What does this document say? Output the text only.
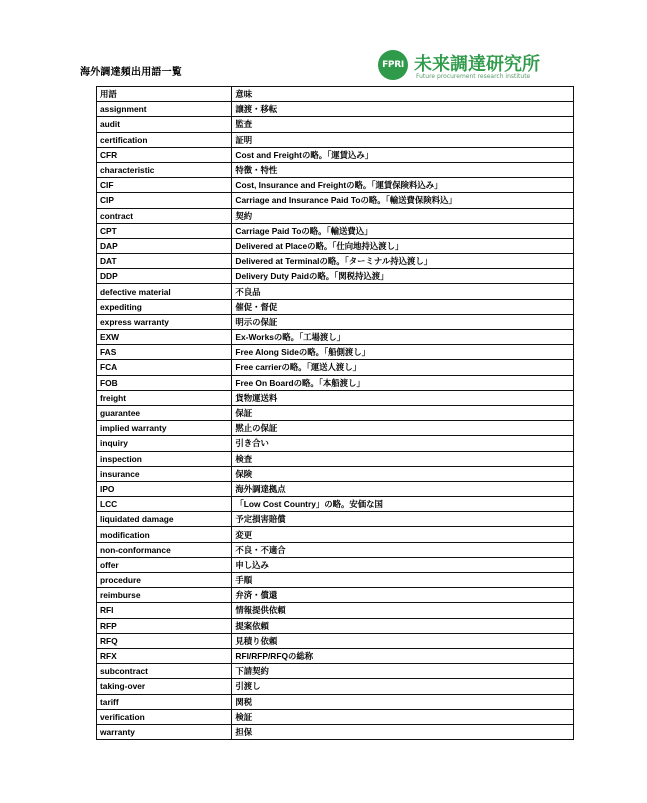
海外調達頻出用語一覧
FPRI 未来調達研究所
Future procurement research institute
用語	意味
assignment	譲渡・移転
audit	監査
certification	証明
CFR	Cost and Freightの略。「運賃込み」
characteristic	特徴・特性
CIF	Cost, Insurance and Freightの略。「運賃保険料込み」
CIP	Carriage and Insurance Paid Toの略。「輸送費保険料込」
contract	契約
CPT	Carriage Paid Toの略。「輸送費込」
DAP	Delivered at Placeの略。「仕向地持込渡し」
DAT	Delivered at Terminalの略。「ターミナル持込渡し」
DDP	Delivery Duty Paidの略。「関税持込渡」
defective material	不良品
expediting	催促・督促
express warranty	明示の保証
EXW	Ex-Worksの略。「工場渡し」
FAS	Free Along Sideの略。「船側渡し」
FCA	Free carrierの略。「運送人渡し」
FOB	Free On Boardの略。「本船渡し」
freight	貨物運送料
guarantee	保証
implied warranty	黙止の保証
inquiry	引き合い
inspection	検査
insurance	保険
IPO	海外調達拠点
LCC	「Low Cost Country」の略。安価な国
liquidated damage	予定損害賠償
modification	変更
non-conformance	不良・不適合
offer	申し込み
procedure	手順
reimburse	弁済・償還
RFI	情報提供依頼
RFP	提案依頼
RFQ	見積り依頼
RFX	RFI/RFP/RFQの総称
subcontract	下請契約
taking-over	引渡し
tariff	関税
verification	検証
warranty	担保
